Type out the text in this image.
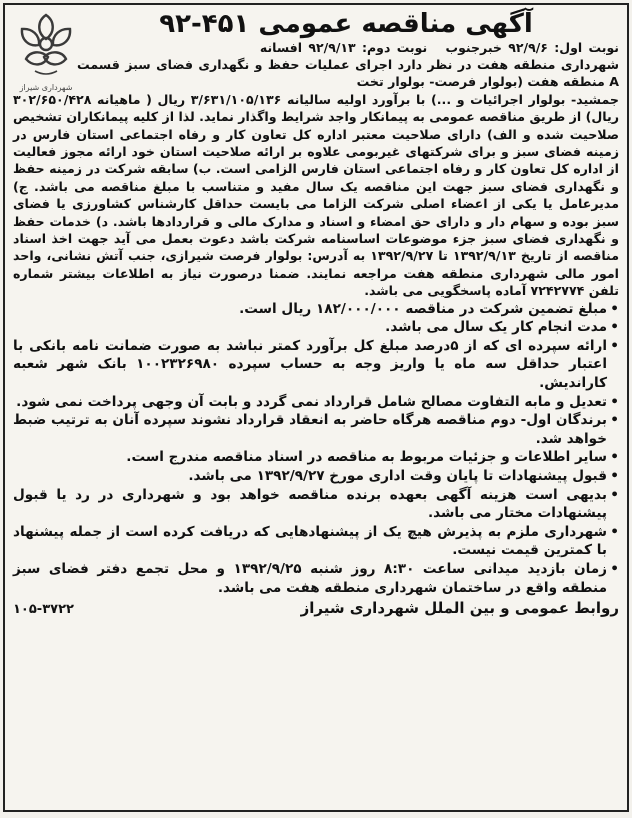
شهرداری شیراز
آگهی مناقصه عمومی ۴۵۱-۹۲
نوبت اول: ۹۲/۹/۶ خبرجنوب نوبت دوم: ۹۲/۹/۱۳ افسانه

شهرداری منطقه هفت در نظر دارد اجرای عملیات حفظ و نگهداری فضای سبز قسمت A منطقه هفت (بولوار فرصت- بولوار تخت

جمشید- بولوار اجرائیات و ...) با برآورد اولیه سالیانه ۳/۶۳۱/۱۰۵/۱۳۶ ریال ( ماهیانه ۳۰۲/۶۵۰/۴۲۸ ریال) از طریق مناقصه عمومی به پیمانکار واجد شرایط واگذار نماید. لذا از کلیه پیمانکاران تشخیص صلاحیت شده و الف) دارای صلاحیت معتبر اداره کل تعاون کار و رفاه اجتماعی استان فارس در زمینه فضای سبز و برای شرکتهای غیربومی علاوه بر ارائه صلاحیت استان خود ارائه مجوز فعالیت از اداره کل تعاون کار و رفاه اجتماعی استان فارس الزامی است. ب) سابقه شرکت در زمینه حفظ و نگهداری فضای سبز جهت این مناقصه یک سال مفید و متناسب با مبلغ مناقصه می باشد. ج) مدیرعامل یا یکی از اعضاء اصلی شرکت الزاما می بایست حداقل کارشناس کشاورزی یا فضای سبز بوده و سهام دار و دارای حق امضاء و اسناد و مدارک مالی و قراردادها باشد. د) خدمات حفظ و نگهداری فضای سبز جزء موضوعات اساسنامه شرکت باشد دعوت بعمل می آید جهت اخذ اسناد مناقصه از تاریخ ۱۳۹۲/۹/۱۳ تا ۱۳۹۲/۹/۲۷ به آدرس: بولوار فرصت شیرازی، جنب آتش نشانی، واحد امور مالی شهرداری منطقه هفت مراجعه نمایند. ضمنا درصورت نیاز به اطلاعات بیشتر شماره تلفن ۷۲۴۲۷۷۴ آماده پاسخگویی می باشد.

• مبلغ تضمین شرکت در مناقصه ۱۸۲/۰۰۰/۰۰۰ ریال است.
• مدت انجام کار یک سال می باشد.
• ارائه سپرده ای که از ۵درصد مبلغ کل برآورد کمتر نباشد به صورت ضمانت نامه بانکی با اعتبار حداقل سه ماه یا واریز وجه به حساب سپرده ۱۰۰۲۳۲۶۹۸۰ بانک شهر شعبه کاراندیش.
• تعدیل و مابه التفاوت مصالح شامل قرارداد نمی گردد و بابت آن وجهی پرداخت نمی شود.
• برندگان اول- دوم مناقصه هرگاه حاضر به انعقاد قرارداد نشوند سپرده آنان به ترتیب ضبط خواهد شد.
• سایر اطلاعات و جزئیات مربوط به مناقصه در اسناد مناقصه مندرج است.
• قبول پیشنهادات تا پایان وقت اداری مورخ ۱۳۹۲/۹/۲۷ می باشد.
• بدیهی است هزینه آگهی بعهده برنده مناقصه خواهد بود و شهرداری در رد یا قبول پیشنهادات مختار می باشد.
• شهرداری ملزم به پذیرش هیچ یک از پیشنهادهایی که دریافت کرده است از جمله پیشنهاد با کمترین قیمت نیست.
• زمان بازدید میدانی ساعت ۸:۳۰ روز شنبه ۱۳۹۲/۹/۲۵ و محل تجمع دفتر فضای سبز منطقه واقع در ساختمان شهرداری منطقه هفت می باشد.
روابط عمومی و بین الملل شهرداری شیراز
۱۰۵-۳۷۲۲
